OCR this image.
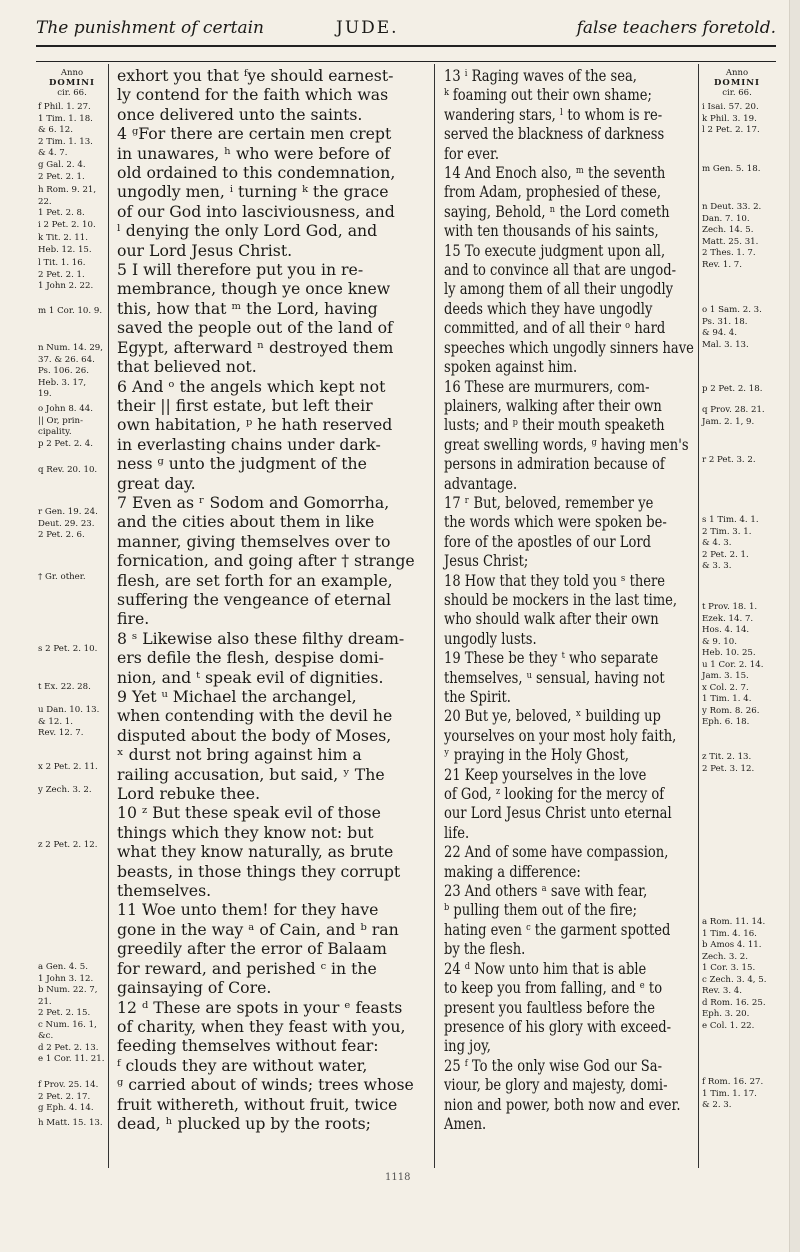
The punishment of certain	JUDE.	false teachers foretold.
Anno
DOMINI
cir. 66.
f Phil. 1. 27.
1 Tim. 1. 18.
& 6. 12.
2 Tim. 1. 13.
& 4. 7.
g Gal. 2. 4.
2 Pet. 2. 1.
h Rom. 9. 21,
22.
1 Pet. 2. 8.
i 2 Pet. 2. 10.
k Tit. 2. 11.
Heb. 12. 15.
l Tit. 1. 16.
2 Pet. 2. 1.
1 John 2. 22.
m 1 Cor. 10. 9.
n Num. 14. 29,
37. & 26. 64.
Ps. 106. 26.
Heb. 3. 17,
19.
o John 8. 44.
|| Or, prin-
cipality.
p 2 Pet. 2. 4.
q Rev. 20. 10.
r Gen. 19. 24.
Deut. 29. 23.
2 Pet. 2. 6.
† Gr. other.
s 2 Pet. 2. 10.
t Ex. 22. 28.
u Dan. 10. 13.
& 12. 1.
Rev. 12. 7.
x 2 Pet. 2. 11.
y Zech. 3. 2.
z 2 Pet. 2. 12.
a Gen. 4. 5.
1 John 3. 12.
b Num. 22. 7,
21.
2 Pet. 2. 15.
c Num. 16. 1,
&c.
d 2 Pet. 2. 13.
e 1 Cor. 11. 21.
f Prov. 25. 14.
2 Pet. 2. 17.
g Eph. 4. 14.
h Matt. 15. 13.
exhort you that ᶠye should earnest-
ly contend for the faith which was
once delivered unto the saints.
4 ᵍFor there are certain men crept
in unawares, ʰ who were before of
old ordained to this condemnation,
ungodly men, ⁱ turning ᵏ the grace
of our God into lasciviousness, and
ˡ denying the only Lord God, and
our Lord Jesus Christ.
5 I will therefore put you in re-
membrance, though ye once knew
this, how that ᵐ the Lord, having
saved the people out of the land of
Egypt, afterward ⁿ destroyed them
that believed not.
6 And ᵒ the angels which kept not
their || first estate, but left their
own habitation, ᵖ he hath reserved
in everlasting chains under dark-
ness ᵍ unto the judgment of the
great day.
7 Even as ʳ Sodom and Gomorrha,
and the cities about them in like
manner, giving themselves over to
fornication, and going after † strange
flesh, are set forth for an example,
suffering the vengeance of eternal
fire.
8 ˢ Likewise also these filthy dream-
ers defile the flesh, despise domi-
nion, and ᵗ speak evil of dignities.
9 Yet ᵘ Michael the archangel,
when contending with the devil he
disputed about the body of Moses,
ˣ durst not bring against him a
railing accusation, but said, ʸ The
Lord rebuke thee.
10 ᶻ But these speak evil of those
things which they know not: but
what they know naturally, as brute
beasts, in those things they corrupt
themselves.
11 Woe unto them! for they have
gone in the way ᵃ of Cain, and ᵇ ran
greedily after the error of Balaam
for reward, and perished ᶜ in the
gainsaying of Core.
12 ᵈ These are spots in your ᵉ feasts
of charity, when they feast with you,
feeding themselves without fear:
ᶠ clouds they are without water,
ᵍ carried about of winds; trees whose
fruit withereth, without fruit, twice
dead, ʰ plucked up by the roots;
13 ⁱ Raging waves of the sea,
ᵏ foaming out their own shame;
wandering stars, ˡ to whom is re-
served the blackness of darkness
for ever.
14 And Enoch also, ᵐ the seventh
from Adam, prophesied of these,
saying, Behold, ⁿ the Lord cometh
with ten thousands of his saints,
15 To execute judgment upon all,
and to convince all that are ungod-
ly among them of all their ungodly
deeds which they have ungodly
committed, and of all their ᵒ hard
speeches which ungodly sinners have
spoken against him.
16 These are murmurers, com-
plainers, walking after their own
lusts; and ᵖ their mouth speaketh
great swelling words, ᵍ having men's
persons in admiration because of
advantage.
17 ʳ But, beloved, remember ye
the words which were spoken be-
fore of the apostles of our Lord
Jesus Christ;
18 How that they told you ˢ there
should be mockers in the last time,
who should walk after their own
ungodly lusts.
19 These be they ᵗ who separate
themselves, ᵘ sensual, having not
the Spirit.
20 But ye, beloved, ˣ building up
yourselves on your most holy faith,
ʸ praying in the Holy Ghost,
21 Keep yourselves in the love
of God, ᶻ looking for the mercy of
our Lord Jesus Christ unto eternal
life.
22 And of some have compassion,
making a difference:
23 And others ᵃ save with fear,
ᵇ pulling them out of the fire;
hating even ᶜ the garment spotted
by the flesh.
24 ᵈ Now unto him that is able
to keep you from falling, and ᵉ to
present you faultless before the
presence of his glory with exceed-
ing joy,
25 ᶠ To the only wise God our Sa-
viour, be glory and majesty, domi-
nion and power, both now and ever.
Amen.
Anno
DOMINI
cir. 66.
i Isai. 57. 20.
k Phil. 3. 19.
l 2 Pet. 2. 17.
m Gen. 5. 18.
n Deut. 33. 2.
Dan. 7. 10.
Zech. 14. 5.
Matt. 25. 31.
2 Thes. 1. 7.
Rev. 1. 7.
o 1 Sam. 2. 3.
Ps. 31. 18.
& 94. 4.
Mal. 3. 13.
p 2 Pet. 2. 18.
q Prov. 28. 21.
Jam. 2. 1, 9.
r 2 Pet. 3. 2.
s 1 Tim. 4. 1.
2 Tim. 3. 1.
& 4. 3.
2 Pet. 2. 1.
& 3. 3.
t Prov. 18. 1.
Ezek. 14. 7.
Hos. 4. 14.
& 9. 10.
Heb. 10. 25.
u 1 Cor. 2. 14.
Jam. 3. 15.
x Col. 2. 7.
1 Tim. 1. 4.
y Rom. 8. 26.
Eph. 6. 18.
z Tit. 2. 13.
2 Pet. 3. 12.
a Rom. 11. 14.
1 Tim. 4. 16.
b Amos 4. 11.
Zech. 3. 2.
1 Cor. 3. 15.
c Zech. 3. 4, 5.
Rev. 3. 4.
d Rom. 16. 25.
Eph. 3. 20.
e Col. 1. 22.
f Rom. 16. 27.
1 Tim. 1. 17.
& 2. 3.
1118
